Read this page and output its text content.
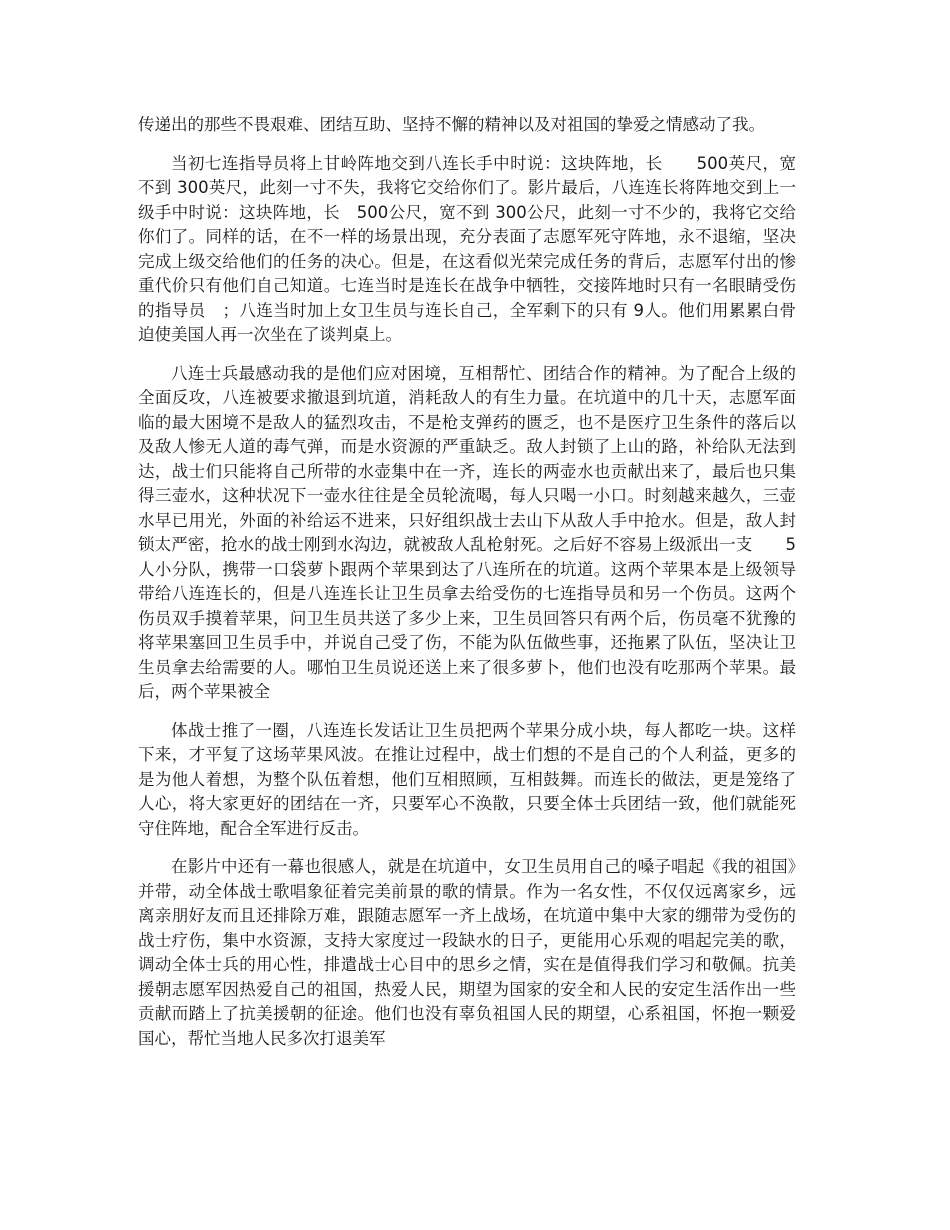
传递出的那些不畏艰难、团结互助、坚持不懈的精神以及对祖国的挚爱之情感动了我。

当初七连指导员将上甘岭阵地交到八连长手中时说：这块阵地，长　　500英尺，宽不到 300英尺，此刻一寸不失，我将它交给你们了。影片最后，八连连长将阵地交到上一级手中时说：这块阵地，长　500公尺，宽不到 300公尺，此刻一寸不少的，我将它交给你们了。同样的话，在不一样的场景出现，充分表面了志愿军死守阵地，永不退缩，坚决完成上级交给他们的任务的决心。但是，在这看似光荣完成任务的背后，志愿军付出的惨重代价只有他们自己知道。七连当时是连长在战争中牺牲，交接阵地时只有一名眼睛受伤的指导员　；八连当时加上女卫生员与连长自己，全军剩下的只有 9人。他们用累累白骨迫使美国人再一次坐在了谈判桌上。

八连士兵最感动我的是他们应对困境，互相帮忙、团结合作的精神。为了配合上级的全面反攻，八连被要求撤退到坑道，消耗敌人的有生力量。在坑道中的几十天，志愿军面临的最大困境不是敌人的猛烈攻击，不是枪支弹药的匮乏，也不是医疗卫生条件的落后以及敌人惨无人道的毒气弹，而是水资源的严重缺乏。敌人封锁了上山的路，补给队无法到达，战士们只能将自己所带的水壶集中在一齐，连长的两壶水也贡献出来了，最后也只集得三壶水，这种状况下一壶水往往是全员轮流喝，每人只喝一小口。时刻越来越久，三壶水早已用光，外面的补给运不进来，只好组织战士去山下从敌人手中抢水。但是，敌人封锁太严密，抢水的战士刚到水沟边，就被敌人乱枪射死。之后好不容易上级派出一支　　5人小分队，携带一口袋萝卜跟两个苹果到达了八连所在的坑道。这两个苹果本是上级领导带给八连连长的，但是八连连长让卫生员拿去给受伤的七连指导员和另一个伤员。这两个伤员双手摸着苹果，问卫生员共送了多少上来，卫生员回答只有两个后，伤员毫不犹豫的将苹果塞回卫生员手中，并说自己受了伤，不能为队伍做些事，还拖累了队伍，坚决让卫生员拿去给需要的人。哪怕卫生员说还送上来了很多萝卜，他们也没有吃那两个苹果。最后，两个苹果被全

体战士推了一圈，八连连长发话让卫生员把两个苹果分成小块，每人都吃一块。这样下来，才平复了这场苹果风波。在推让过程中，战士们想的不是自己的个人利益，更多的是为他人着想，为整个队伍着想，他们互相照顾，互相鼓舞。而连长的做法，更是笼络了人心，将大家更好的团结在一齐，只要军心不涣散，只要全体士兵团结一致，他们就能死守住阵地，配合全军进行反击。

在影片中还有一幕也很感人，就是在坑道中，女卫生员用自己的嗓子唱起《我的祖国》并带，动全体战士歌唱象征着完美前景的歌的情景。作为一名女性，不仅仅远离家乡，远离亲朋好友而且还排除万难，跟随志愿军一齐上战场，在坑道中集中大家的绷带为受伤的战士疗伤，集中水资源，支持大家度过一段缺水的日子，更能用心乐观的唱起完美的歌，调动全体士兵的用心性，排遣战士心目中的思乡之情，实在是值得我们学习和敬佩。抗美援朝志愿军因热爱自己的祖国，热爱人民，期望为国家的安全和人民的安定生活作出一些贡献而踏上了抗美援朝的征途。他们也没有辜负祖国人民的期望，心系祖国，怀抱一颗爱国心，帮忙当地人民多次打退美军
